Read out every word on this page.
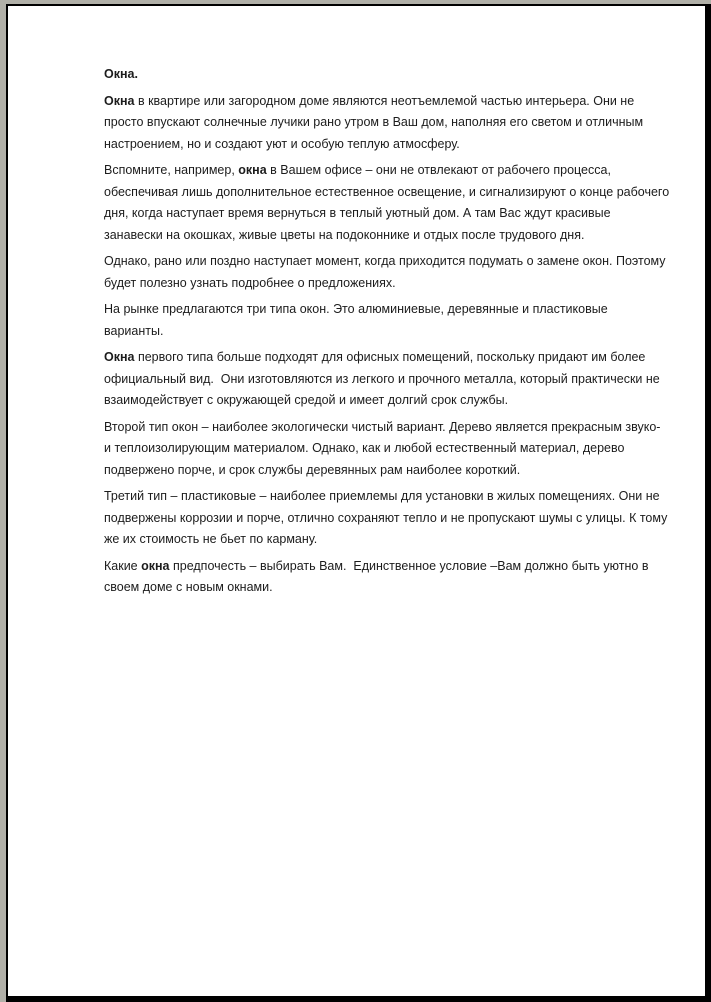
Окна.

Окна в квартире или загородном доме являются неотъемлемой частью интерьера. Они не просто впускают солнечные лучики рано утром в Ваш дом, наполняя его светом и отличным настроением, но и создают уют и особую теплую атмосферу.

Вспомните, например, окна в Вашем офисе – они не отвлекают от рабочего процесса, обеспечивая лишь дополнительное естественное освещение, и сигнализируют о конце рабочего дня, когда наступает время вернуться в теплый уютный дом. А там Вас ждут красивые занавески на окошках, живые цветы на подоконнике и отдых после трудового дня.

Однако, рано или поздно наступает момент, когда приходится подумать о замене окон. Поэтому будет полезно узнать подробнее о предложениях.

На рынке предлагаются три типа окон. Это алюминиевые, деревянные и пластиковые варианты.

Окна первого типа больше подходят для офисных помещений, поскольку придают им более официальный вид.  Они изготовляются из легкого и прочного металла, который практически не взаимодействует с окружающей средой и имеет долгий срок службы.

Второй тип окон – наиболее экологически чистый вариант. Дерево является прекрасным звуко- и теплоизолирующим материалом. Однако, как и любой естественный материал, дерево подвержено порче, и срок службы деревянных рам наиболее короткий.

Третий тип – пластиковые – наиболее приемлемы для установки в жилых помещениях. Они не подвержены коррозии и порче, отлично сохраняют тепло и не пропускают шумы с улицы. К тому же их стоимость не бьет по карману.

Какие окна предпочесть – выбирать Вам.  Единственное условие –Вам должно быть уютно в своем доме с новым окнами.
